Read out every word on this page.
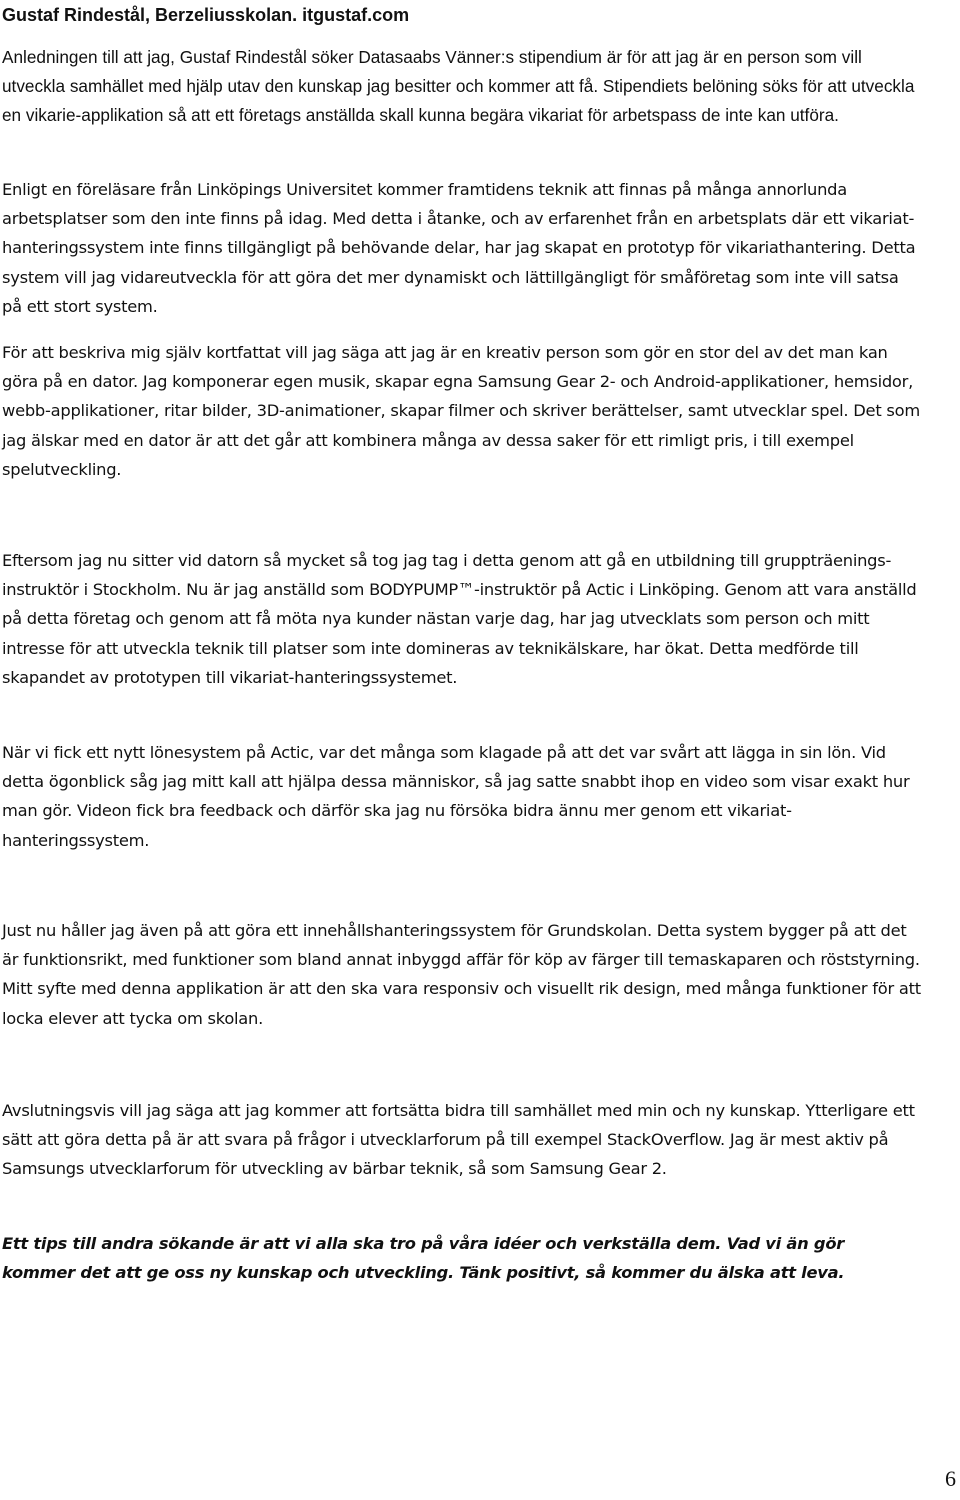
Gustaf Rindestål, Berzeliusskolan. itgustaf.com

Anledningen till att jag, Gustaf Rindestål söker Datasaabs Vänner:s stipendium är för att jag är en person som vill utveckla samhället med hjälp utav den kunskap jag besitter och kommer att få. Stipendiets belöning söks för att utveckla en vikarie-applikation så att ett företags anställda skall kunna begära vikariat för arbetspass de inte kan utföra.

Enligt en föreläsare från Linköpings Universitet kommer framtidens teknik att finnas på många annorlunda arbetsplatser som den inte finns på idag. Med detta i åtanke, och av erfarenhet från en arbetsplats där ett vikariat-hanteringssystem inte finns tillgängligt på behövande delar, har jag skapat en prototyp för vikariathantering. Detta system vill jag vidareutveckla för att göra det mer dynamiskt och lättillgängligt för småföretag som inte vill satsa på ett stort system.

För att beskriva mig själv kortfattat vill jag säga att jag är en kreativ person som gör en stor del av det man kan göra på en dator. Jag komponerar egen musik, skapar egna Samsung Gear 2- och Android-applikationer, hemsidor, webb-applikationer, ritar bilder, 3D-animationer, skapar filmer och skriver berättelser, samt utvecklar spel. Det som jag älskar med en dator är att det går att kombinera många av dessa saker för ett rimligt pris, i till exempel spelutveckling.

Eftersom jag nu sitter vid datorn så mycket så tog jag tag i detta genom att gå en utbildning till gruppträenings-instruktör i Stockholm. Nu är jag anställd som BODYPUMP™-instruktör på Actic i Linköping. Genom att vara anställd på detta företag och genom att få möta nya kunder nästan varje dag, har jag utvecklats som person och mitt intresse för att utveckla teknik till platser som inte domineras av teknikälskare, har ökat. Detta medförde till skapandet av prototypen till vikariat-hanteringssystemet.

När vi fick ett nytt lönesystem på Actic, var det många som klagade på att det var svårt att lägga in sin lön. Vid detta ögonblick såg jag mitt kall att hjälpa dessa människor, så jag satte snabbt ihop en video som visar exakt hur man gör. Videon fick bra feedback och därför ska jag nu försöka bidra ännu mer genom ett vikariat-hanteringssystem.

Just nu håller jag även på att göra ett innehållshanteringssystem för Grundskolan. Detta system bygger på att det är funktionsrikt, med funktioner som bland annat inbyggd affär för köp av färger till temaskaparen och röststyrning. Mitt syfte med denna applikation är att den ska vara responsiv och visuellt rik design, med många funktioner för att locka elever att tycka om skolan.

Avslutningsvis vill jag säga att jag kommer att fortsätta bidra till samhället med min och ny kunskap. Ytterligare ett sätt att göra detta på är att svara på frågor i utvecklarforum på till exempel StackOverflow. Jag är mest aktiv på Samsungs utvecklarforum för utveckling av bärbar teknik, så som Samsung Gear 2.

Ett tips till andra sökande är att vi alla ska tro på våra idéer och verkställa dem. Vad vi än gör kommer det att ge oss ny kunskap och utveckling. Tänk positivt, så kommer du älska att leva.

6
